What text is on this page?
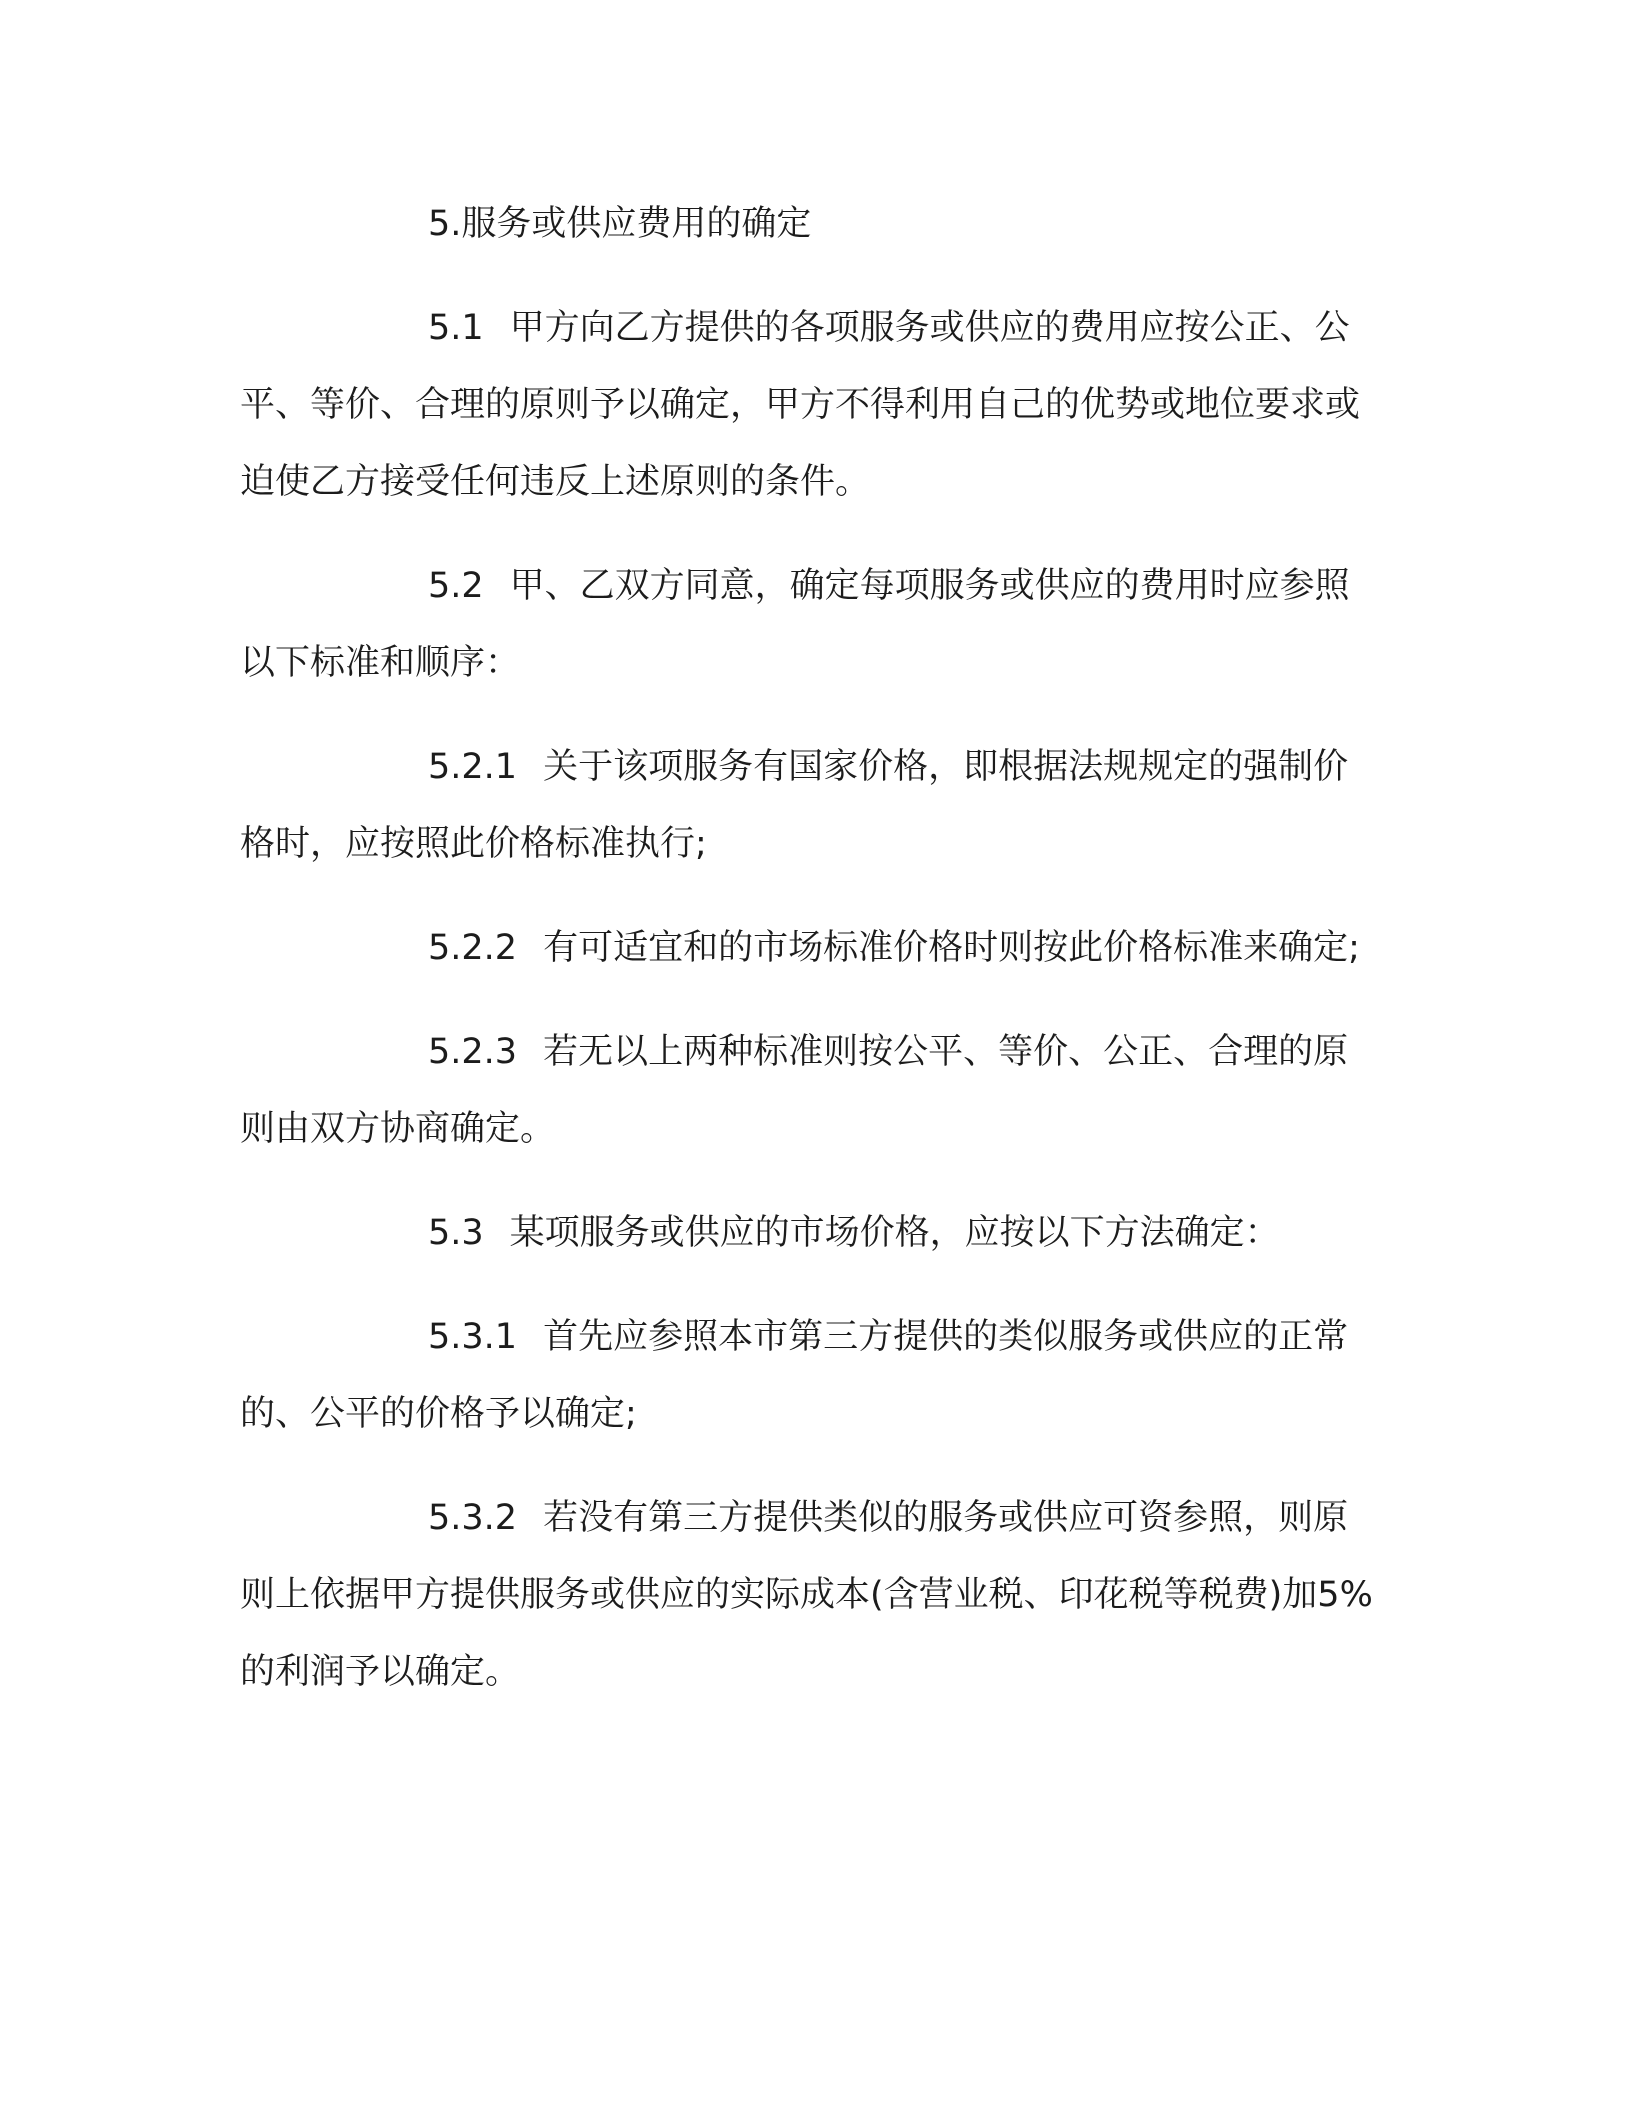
5.服务或供应费用的确定

5.1 甲方向乙方提供的各项服务或供应的费用应按公正、公平、等价、合理的原则予以确定，甲方不得利用自己的优势或地位要求或迫使乙方接受任何违反上述原则的条件。

5.2 甲、乙双方同意，确定每项服务或供应的费用时应参照以下标准和顺序：

5.2.1 关于该项服务有国家价格，即根据法规规定的强制价格时，应按照此价格标准执行;

5.2.2 有可适宜和的市场标准价格时则按此价格标准来确定;

5.2.3 若无以上两种标准则按公平、等价、公正、合理的原则由双方协商确定。

5.3 某项服务或供应的市场价格，应按以下方法确定：

5.3.1 首先应参照本市第三方提供的类似服务或供应的正常的、公平的价格予以确定;

5.3.2 若没有第三方提供类似的服务或供应可资参照，则原则上依据甲方提供服务或供应的实际成本(含营业税、印花税等税费)加5%的利润予以确定。
